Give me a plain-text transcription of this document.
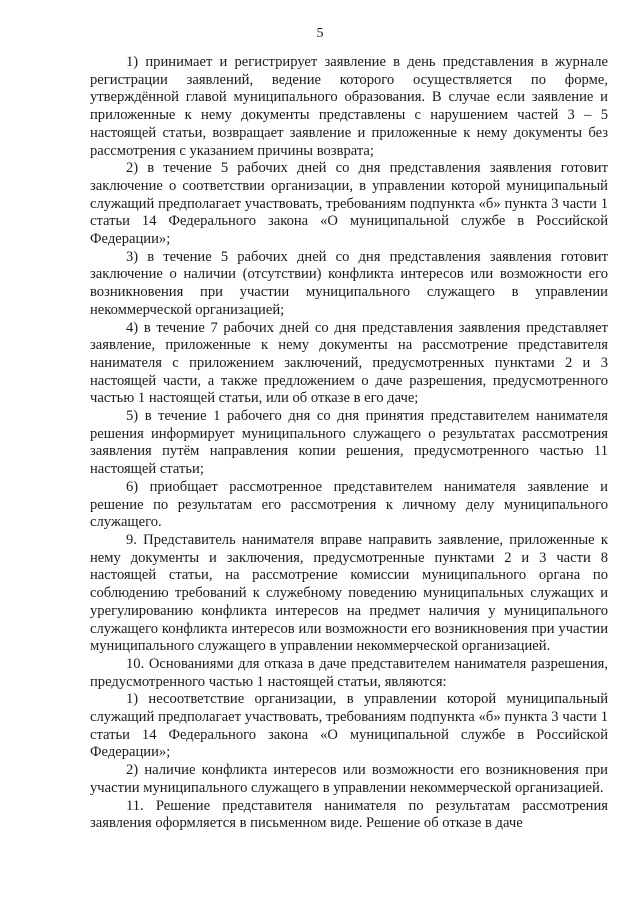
5

1) принимает и регистрирует заявление в день представления в журнале регистрации заявлений, ведение которого осуществляется по форме, утверждённой главой муниципального образования. В случае если заявление и приложенные к нему документы представлены с нарушением частей 3 – 5 настоящей статьи, возвращает заявление и приложенные к нему документы без рассмотрения с указанием причины возврата;

2) в течение 5 рабочих дней со дня представления заявления готовит заключение о соответствии организации, в управлении которой муниципальный служащий предполагает участвовать, требованиям подпункта «б» пункта 3 части 1 статьи 14 Федерального закона «О муниципальной службе в Российской Федерации»;

3) в течение 5 рабочих дней со дня представления заявления готовит заключение о наличии (отсутствии) конфликта интересов или возможности его возникновения при участии муниципального служащего в управлении некоммерческой организацией;

4) в течение 7 рабочих дней со дня представления заявления представляет заявление, приложенные к нему документы на рассмотрение представителя нанимателя с приложением заключений, предусмотренных пунктами 2 и 3 настоящей части, а также предложением о даче разрешения, предусмотренного частью 1 настоящей статьи, или об отказе в его даче;

5) в течение 1 рабочего дня со дня принятия представителем нанимателя решения информирует муниципального служащего о результатах рассмотрения заявления путём направления копии решения, предусмотренного частью 11 настоящей статьи;

6) приобщает рассмотренное представителем нанимателя заявление и решение по результатам его рассмотрения к личному делу муниципального служащего.

9. Представитель нанимателя вправе направить заявление, приложенные к нему документы и заключения, предусмотренные пунктами 2 и 3 части 8 настоящей статьи, на рассмотрение комиссии муниципального органа по соблюдению требований к служебному поведению муниципальных служащих и урегулированию конфликта интересов на предмет наличия у муниципального служащего конфликта интересов или возможности его возникновения при участии муниципального служащего в управлении некоммерческой организацией.

10. Основаниями для отказа в даче представителем нанимателя разрешения, предусмотренного частью 1 настоящей статьи, являются:

1) несоответствие организации, в управлении которой муниципальный служащий предполагает участвовать, требованиям подпункта «б» пункта 3 части 1 статьи 14 Федерального закона «О муниципальной службе в Российской Федерации»;

2) наличие конфликта интересов или возможности его возникновения при участии муниципального служащего в управлении некоммерческой организацией.

11. Решение представителя нанимателя по результатам рассмотрения заявления оформляется в письменном виде. Решение об отказе в даче
